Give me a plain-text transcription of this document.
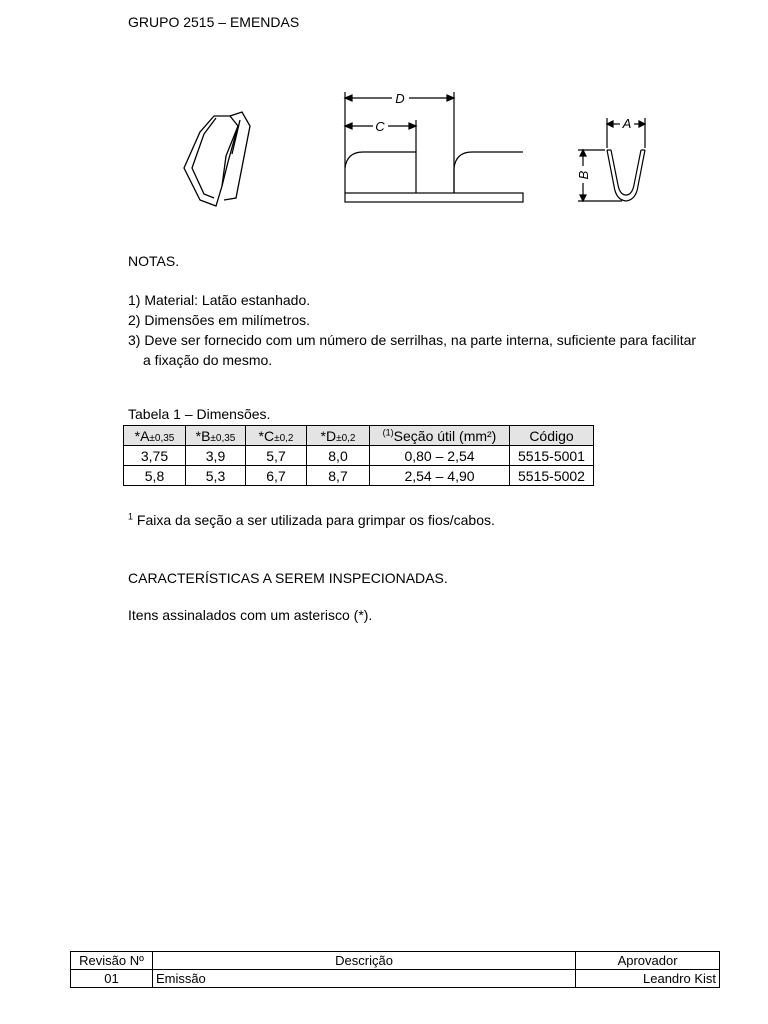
GRUPO 2515 – EMENDAS
D
C	A
B
NOTAS.
1) Material: Latão estanhado.
2) Dimensões em milímetros.
3) Deve ser fornecido com um número de serrilhas, na parte interna, suficiente para facilitar
a fixação do mesmo.
Tabela 1 – Dimensões.
*A±0,35	*B±0,35	*C±0,2	*D±0,2	$^{(1)}$Seção útil (mm²)	Código
3,75	3,9	5,7	8,0	0,80 – 2,54	5515-5001
5,8	5,3	6,7	8,7	2,54 – 4,90	5515-5002
$^1$ Faixa da seção a ser utilizada para grimpar os fios/cabos.
CARACTERÍSTICAS A SEREM INSPECIONADAS.
Itens assinalados com um asterisco (*).
Revisão Nº	Descrição	Aprovador
01	Emissão	Leandro Kist
